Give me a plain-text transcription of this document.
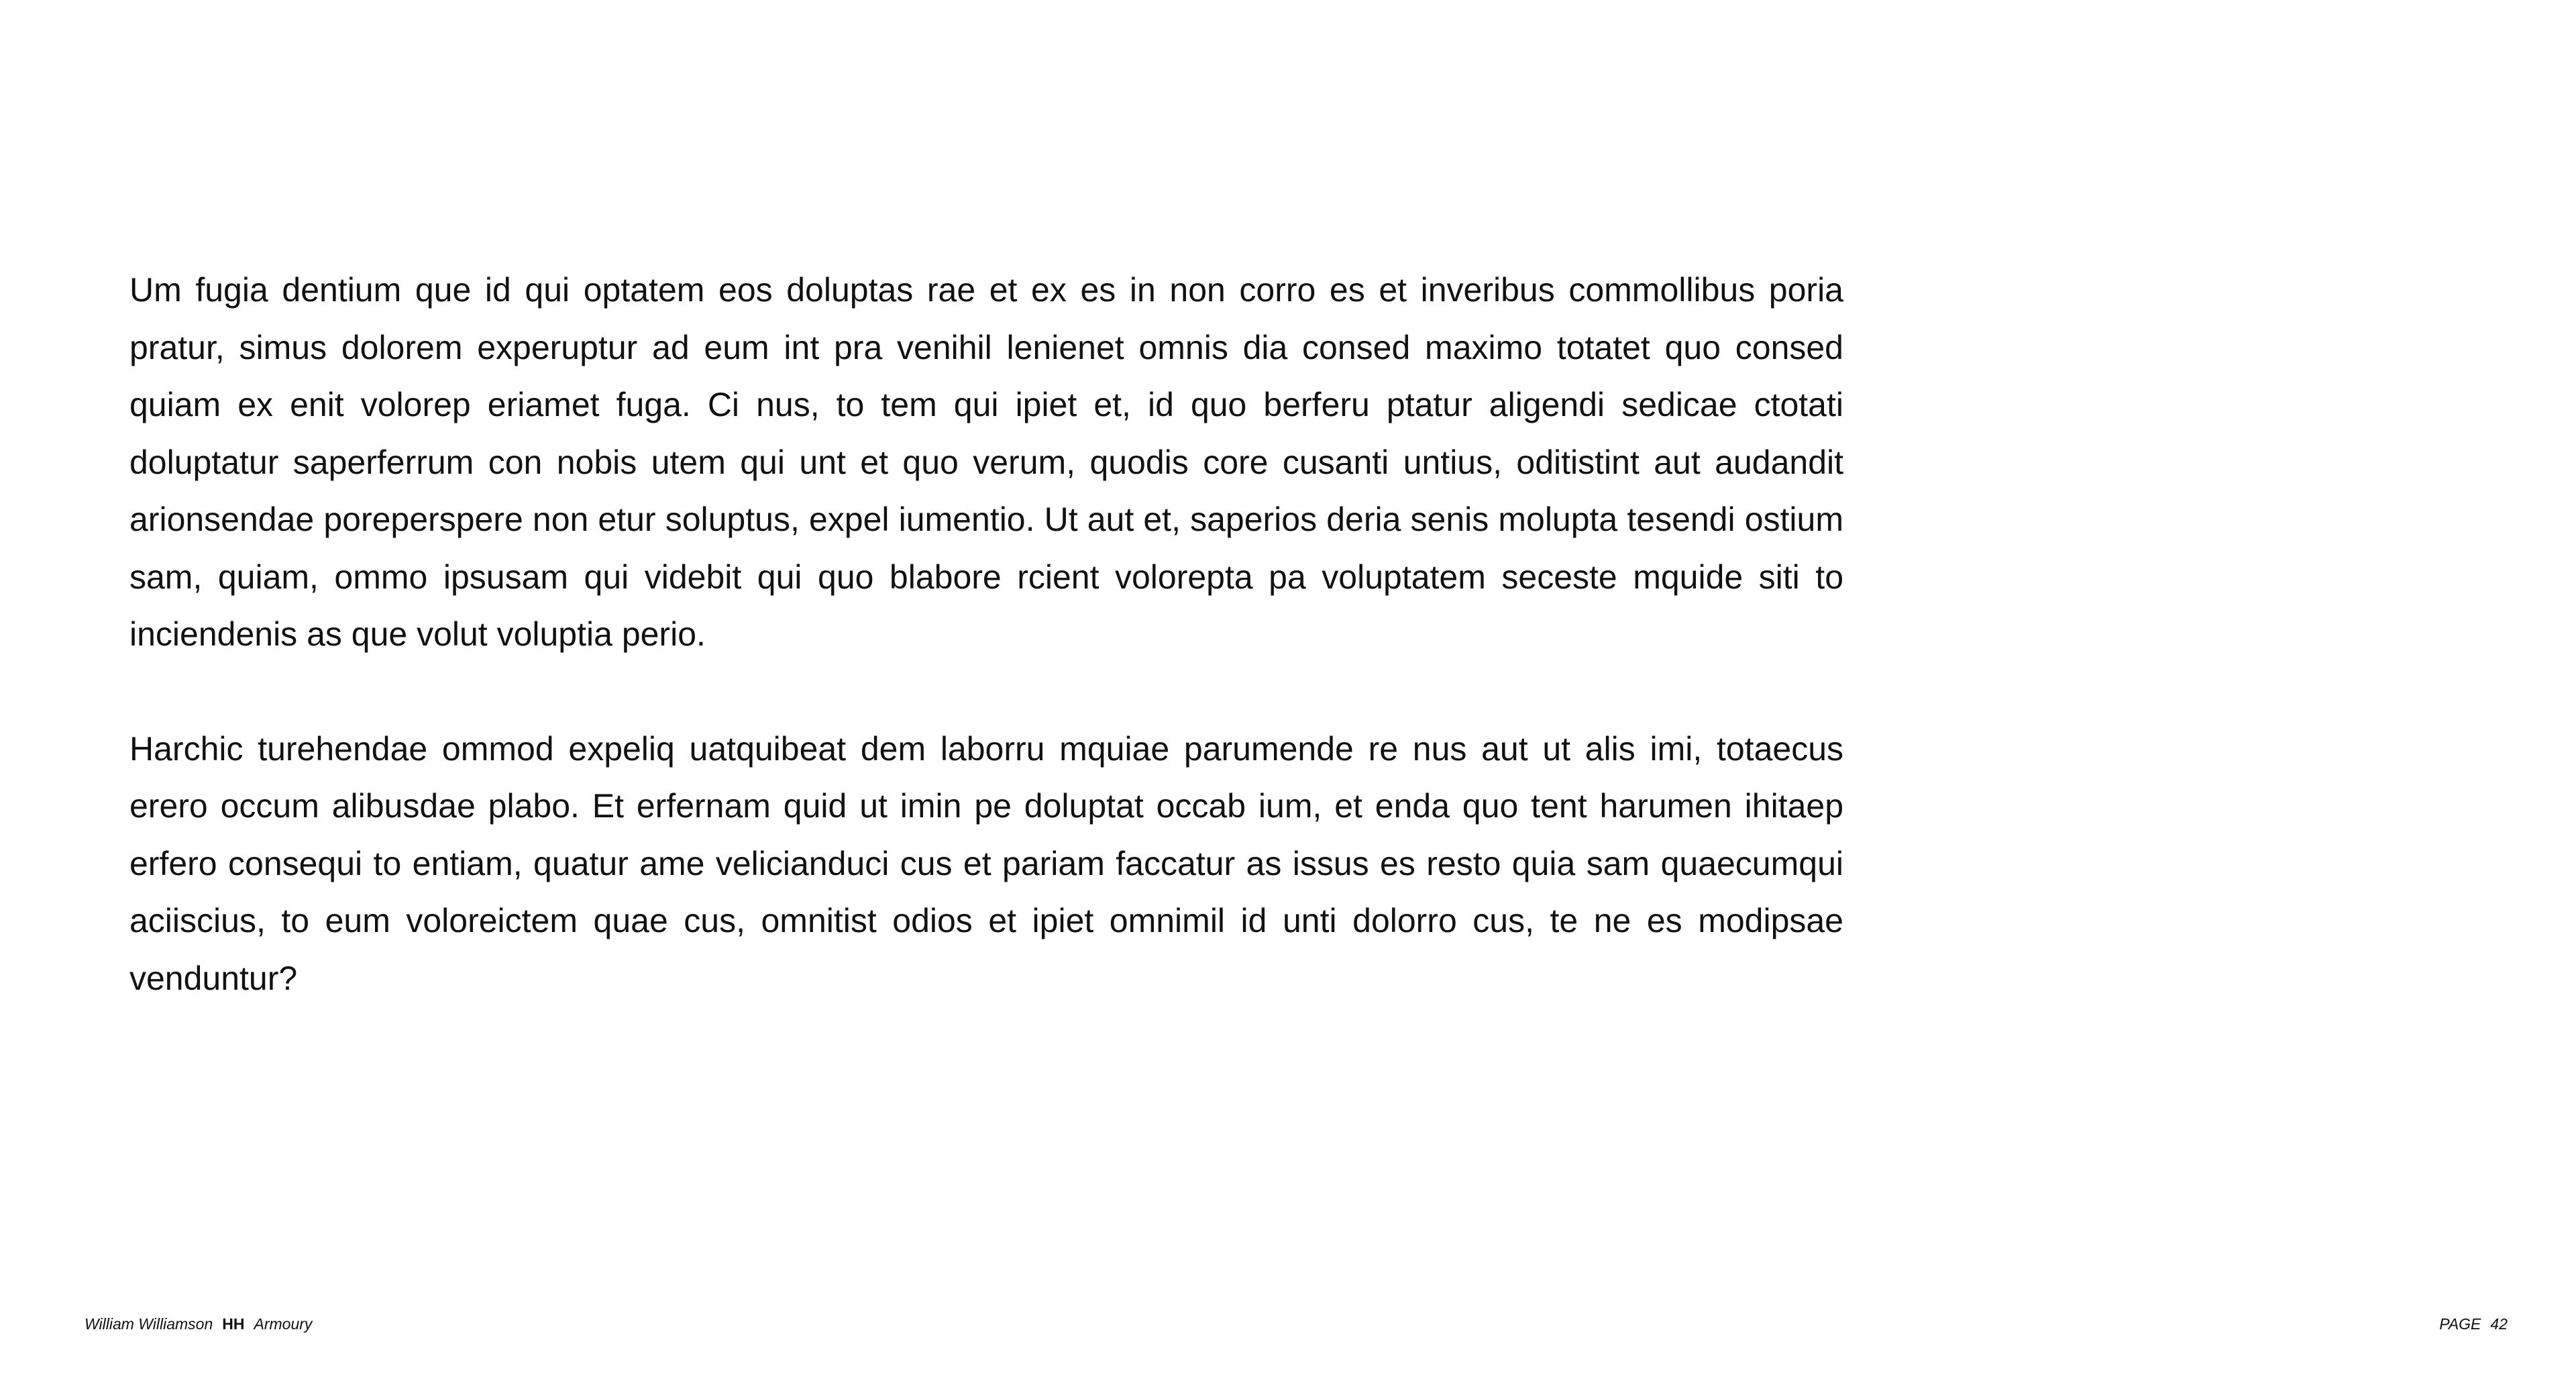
Um fugia dentium que id qui optatem eos doluptas rae et ex es in non corro es et inveribus commollibus poria pratur, simus dolorem experuptur ad eum int pra venihil lenienet omnis dia consed maximo totatet quo consed quiam ex enit volorep eriamet fuga. Ci nus, to tem qui ipiet et, id quo berferu ptatur aligendi sedicae ctotati doluptatur saperferrum con nobis utem qui unt et quo verum, quodis core cusanti untius, oditistint aut audandit arionsendae poreperspere non etur soluptus, expel iumentio. Ut aut et, saperios deria senis molupta tesendi ostium sam, quiam, ommo ipsusam qui videbit qui quo blabore rcient volorepta pa voluptatem seceste mquide siti to inciendenis as que volut voluptia perio.

Harchic turehendae ommod expeliq uatquibeat dem laborru mquiae parumende re nus aut ut alis imi, totaecus erero occum alibusdae plabo. Et erfernam quid ut imin pe doluptat occab ium, et enda quo tent harumen ihitaep erfero consequi to entiam, quatur ame velicianduci cus et pariam faccatur as issus es resto quia sam quaecumqui aciiscius, to eum voloreictem quae cus, omnitist odios et ipiet omnimil id unti dolorro cus, te ne es modipsae venduntur?

William Williamson HH Armoury	PAGE 42
